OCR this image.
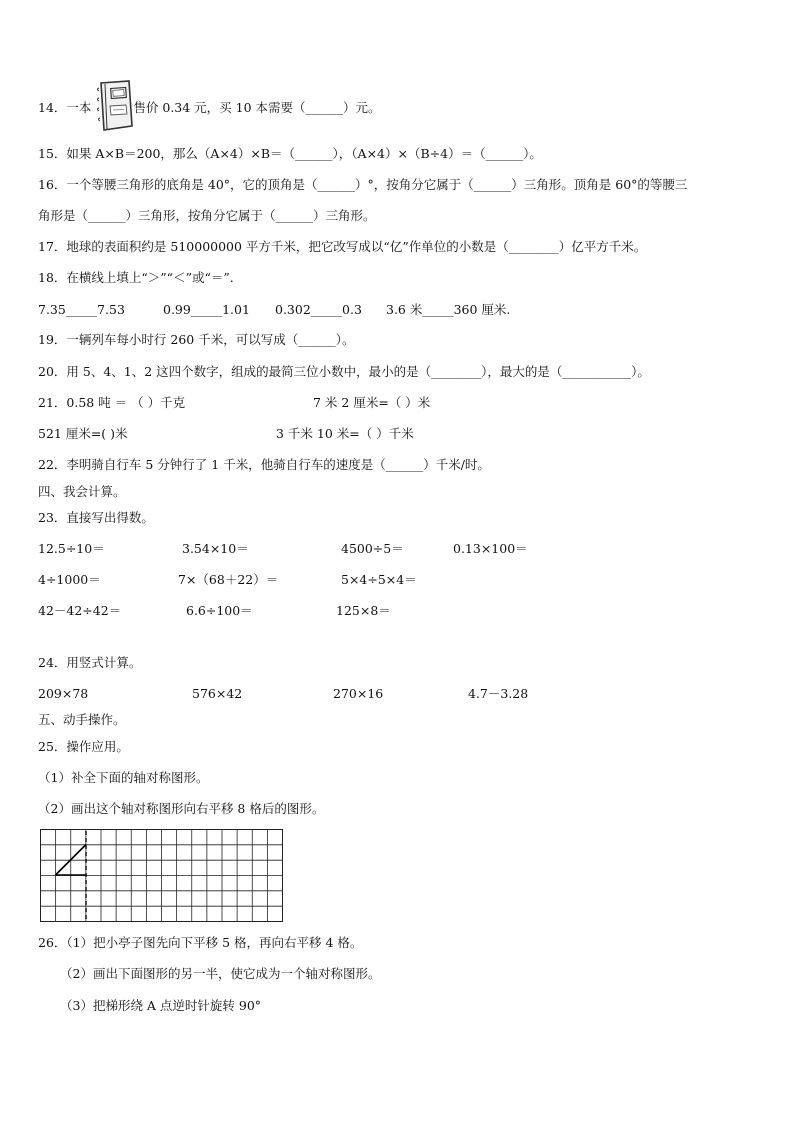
14．一本	售价 0.34 元，买 10 本需要（______）元。
15．如果 A×B＝200，那么（A×4）×B＝（______），（A×4）×（B÷4）＝（______）。
16．一个等腰三角形的底角是 40°，它的顶角是（______）°，按角分它属于（______）三角形。顶角是 60°的等腰三
角形是（______）三角形，按角分它属于（______）三角形。
17．地球的表面积约是 510000000 平方千米，把它改写成以“亿”作单位的小数是（________）亿平方千米。
18．在横线上填上“＞”“＜”或“＝”.
7.35_____7.53	0.99_____1.01 0.302_____0.3 3.6 米_____360 厘米.
19．一辆列车每小时行 260 千米，可以写成（______）。
20．用 5、4、1、2 这四个数字，组成的最简三位小数中，最小的是（________），最大的是（___________）。
21．0.58 吨 ＝ （ ）千克	7 米 2 厘米=（ ）米
521 厘米=( )米	3 千米 10 米=（ ）千米
22．李明骑自行车 5 分钟行了 1 千米，他骑自行车的速度是（______）千米/时。
四、我会计算。
23．直接写出得数。
12.5÷10＝	3.54×10＝	4500÷5＝	0.13×100＝
4÷1000＝	7×（68＋22）＝	5×4÷5×4＝
42－42÷42＝	6.6÷100＝	125×8＝
24．用竖式计算。
209×78	576×42	270×16	4.7－3.28
五、动手操作。
25．操作应用。
（1）补全下面的轴对称图形。
（2）画出这个轴对称图形向右平移 8 格后的图形。
26．（1）把小亭子图先向下平移 5 格，再向右平移 4 格。
（2）画出下面图形的另一半，使它成为一个轴对称图形。
（3）把梯形绕 A 点逆时针旋转 90°
